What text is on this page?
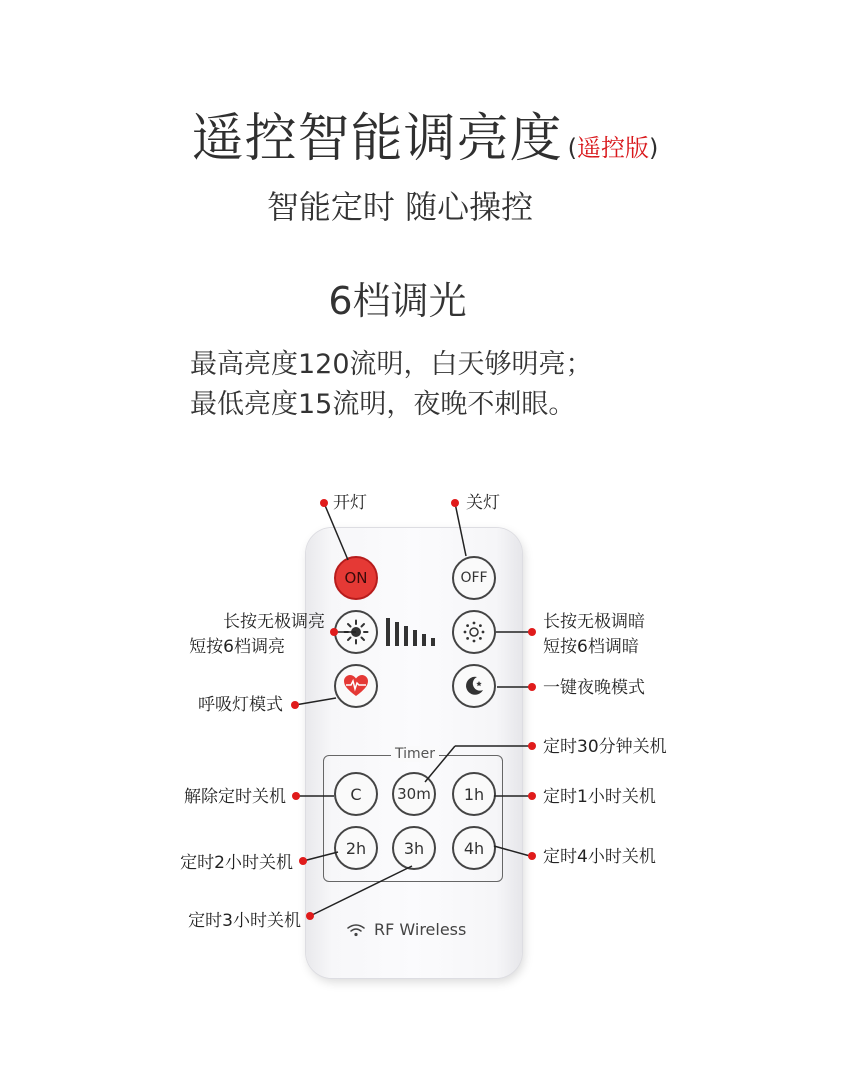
遥控智能调亮度 (遥控版)
智能定时 随心操控
6档调光
最高亮度120流明，白天够明亮；
最低亮度15流明，夜晚不刺眼。
ON	OFF
Timer
C	30m	1h
2h	3h	4h
RF Wireless
开灯	关灯
长按无极调亮
短按6档调亮
长按无极调暗
短按6档调暗
呼吸灯模式
一键夜晚模式
定时30分钟关机
解除定时关机	定时1小时关机
定时2小时关机
定时3小时关机
定时4小时关机
